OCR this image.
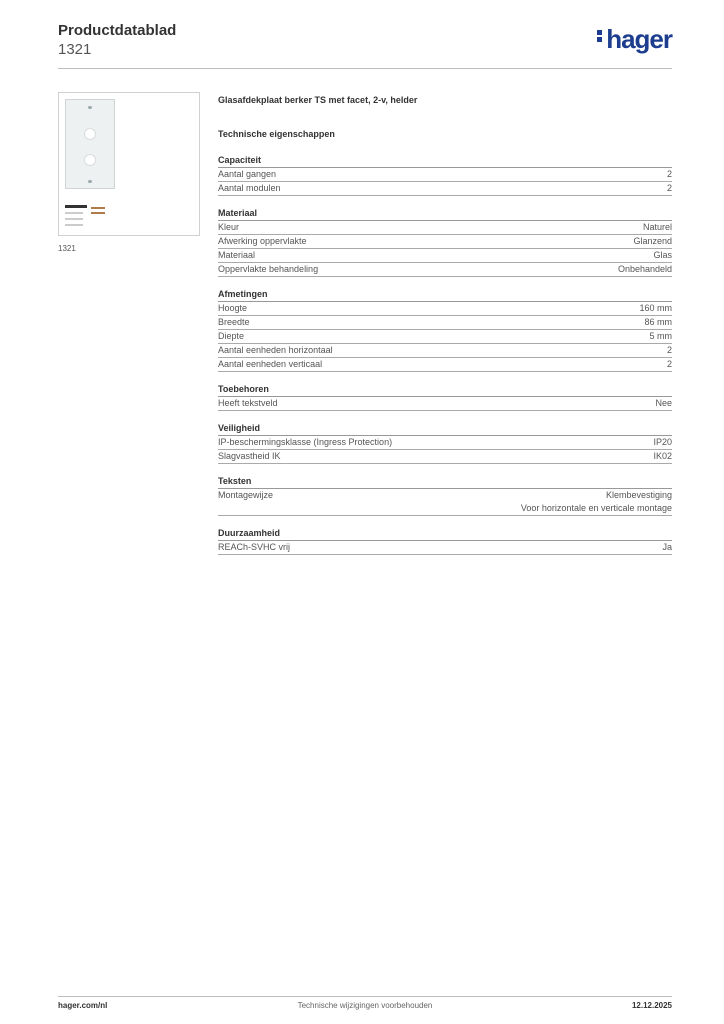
Productdatablad
1321	hager
1321
Glasafdekplaat berker TS met facet, 2-v, helder
Technische eigenschappen
Capaciteit
Aantal gangen	2
Aantal modulen	2
Materiaal
Kleur	Naturel
Afwerking oppervlakte	Glanzend
Materiaal	Glas
Oppervlakte behandeling	Onbehandeld
Afmetingen
Hoogte	160 mm
Breedte	86 mm
Diepte	5 mm
Aantal eenheden horizontaal	2
Aantal eenheden verticaal	2
Toebehoren
Heeft tekstveld	Nee
Veiligheid
IP-beschermingsklasse (Ingress Protection)	IP20
Slagvastheid IK	IK02
Teksten
Montagewijze	Klembevestiging
Voor horizontale en verticale montage
Duurzaamheid
REACh-SVHC vrij	Ja
hager.com/nl	Technische wijzigingen voorbehouden	12.12.2025
